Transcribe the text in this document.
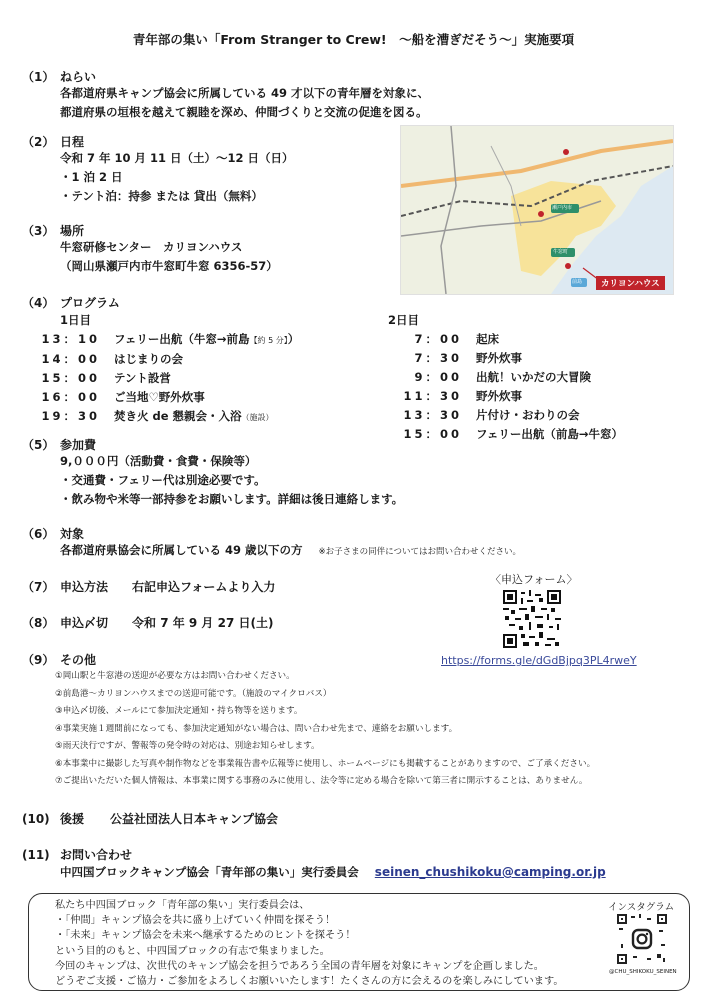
青年部の集い「From Stranger to Crew!　～船を漕ぎだそう～」実施要項
（1） ねらい
各都道府県キャンプ協会に所属している 49 才以下の青年層を対象に、
都道府県の垣根を越えて親睦を深め、仲間づくりと交流の促進を図る。
（2） 日程
令和 7 年 10 月 11 日（土）～12 日（日）
・1 泊 2 日
・テント泊：持参 または 貸出（無料）
（3） 場所
牛窓研修センター　カリヨンハウス
（岡山県瀬戸内市牛窓町牛窓 6356-57）
カリヨンハウス
瀬戸内市
牛窓町
前島
（4） プログラム
1日目
13：10 フェリー出航（牛窓→前島【約 5 分】）
14：00 はじまりの会
15：00 テント設営
16：00 ご当地♡野外炊事
19：30 焚き火 de 懇親会・入浴（施設）
2日目
7：00 起床
7：30 野外炊事
9：00 出航！いかだの大冒険
11：30 野外炊事
13：30 片付け・おわりの会
15：00 フェリー出航（前島→牛窓）
（5） 参加費
9,０００円（活動費・食費・保険等）
・交通費・フェリー代は別途必要です。
・飲み物や米等一部持参をお願いします。詳細は後日連絡します。
（6） 対象
各都道府県協会に所属している 49 歳以下の方 ※お子さまの同伴についてはお問い合わせください。
（7） 申込方法 右記申込フォームより入力
（8） 申込〆切 令和 7 年 9 月 27 日(土)
〈申込フォーム〉
https://forms.gle/dGdBjpq3PL4rweY
（9） その他
①岡山駅と牛窓港の送迎が必要な方はお問い合わせください。
②前島港～カリヨンハウスまでの送迎可能です。（施設のマイクロバス）
③申込〆切後、メールにて参加決定通知・持ち物等を送ります。
④事業実施１週間前になっても、参加決定通知がない場合は、問い合わせ先まで、連絡をお願いします。
⑤雨天決行ですが、警報等の発令時の対応は、別途お知らせします。
⑥本事業中に撮影した写真や制作物などを事業報告書や広報等に使用し、ホームページにも掲載することがありますので、ご了承ください。
⑦ご提出いただいた個人情報は、本事業に関する事務のみに使用し、法令等に定める場合を除いて第三者に開示することは、ありません。
(10) 後援 公益社団法人日本キャンプ協会
(11) お問い合わせ
中四国ブロックキャンプ協会「青年部の集い」実行委員会 seinen_chushikoku@camping.or.jp
私たち中四国ブロック「青年部の集い」実行委員会は、
・「仲間」キャンプ協会を共に盛り上げていく仲間を探そう！
・「未来」キャンプ協会を未来へ継承するためのヒントを探そう！
という目的のもと、中四国ブロックの有志で集まりました。
今回のキャンプは、次世代のキャンプ協会を担うであろう全国の青年層を対象にキャンプを企画しました。
どうぞご支援・ご協力・ご参加をよろしくお願いいたします！たくさんの方に会えるのを楽しみにしています。
インスタグラム
@CHU_SHIKOKU_SEINEN
